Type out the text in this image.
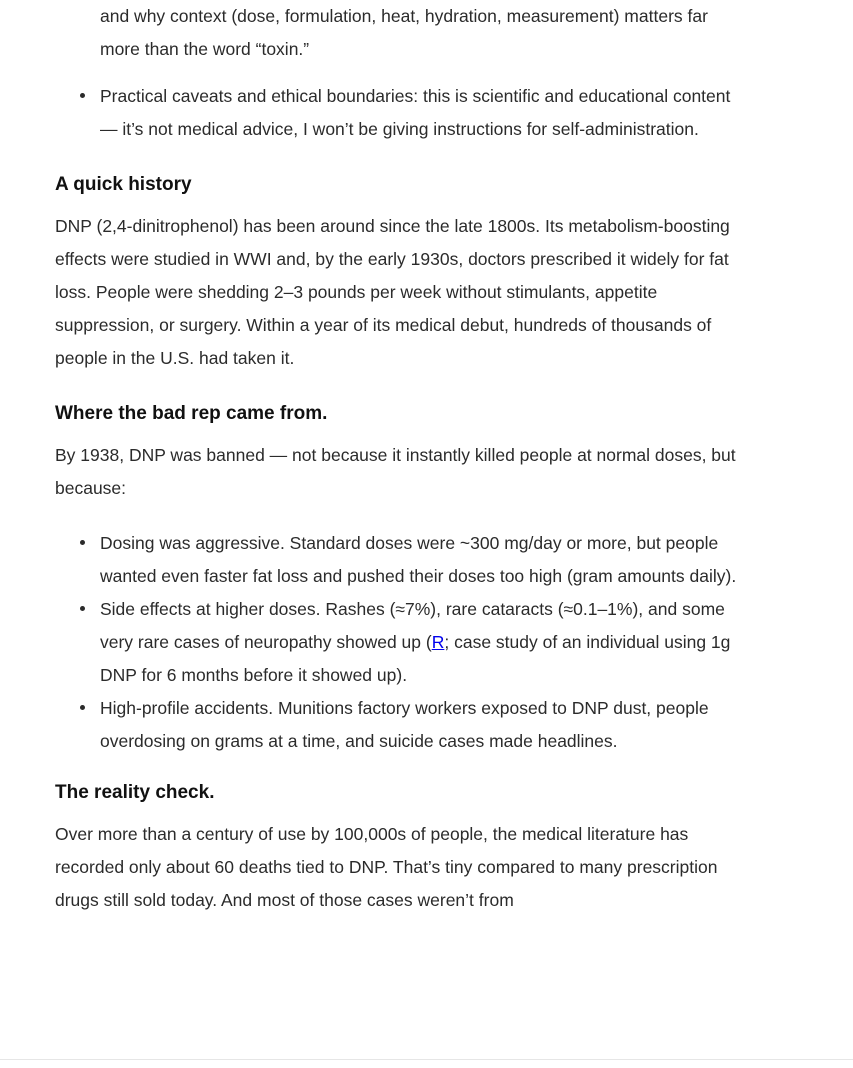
and why context (dose, formulation, heat, hydration, measurement) matters far more than the word “toxin.”

Practical caveats and ethical boundaries: this is scientific and educational content — it’s not medical advice, I won’t be giving instructions for self-administration.
A quick history

DNP (2,4-dinitrophenol) has been around since the late 1800s. Its metabolism-boosting effects were studied in WWI and, by the early 1930s, doctors prescribed it widely for fat loss. People were shedding 2–3 pounds per week without stimulants, appetite suppression, or surgery. Within a year of its medical debut, hundreds of thousands of people in the U.S. had taken it.

Where the bad rep came from.

By 1938, DNP was banned — not because it instantly killed people at normal doses, but because:

Dosing was aggressive. Standard doses were ~300 mg/day or more, but people wanted even faster fat loss and pushed their doses too high (gram amounts daily).
Side effects at higher doses. Rashes (≈7%), rare cataracts (≈0.1–1%), and some very rare cases of neuropathy showed up (R; case study of an individual using 1g DNP for 6 months before it showed up).
High-profile accidents. Munitions factory workers exposed to DNP dust, people overdosing on grams at a time, and suicide cases made headlines.
The reality check.

Over more than a century of use by 100,000s of people, the medical literature has recorded only about 60 deaths tied to DNP. That’s tiny compared to many prescription drugs still sold today. And most of those cases weren’t from
